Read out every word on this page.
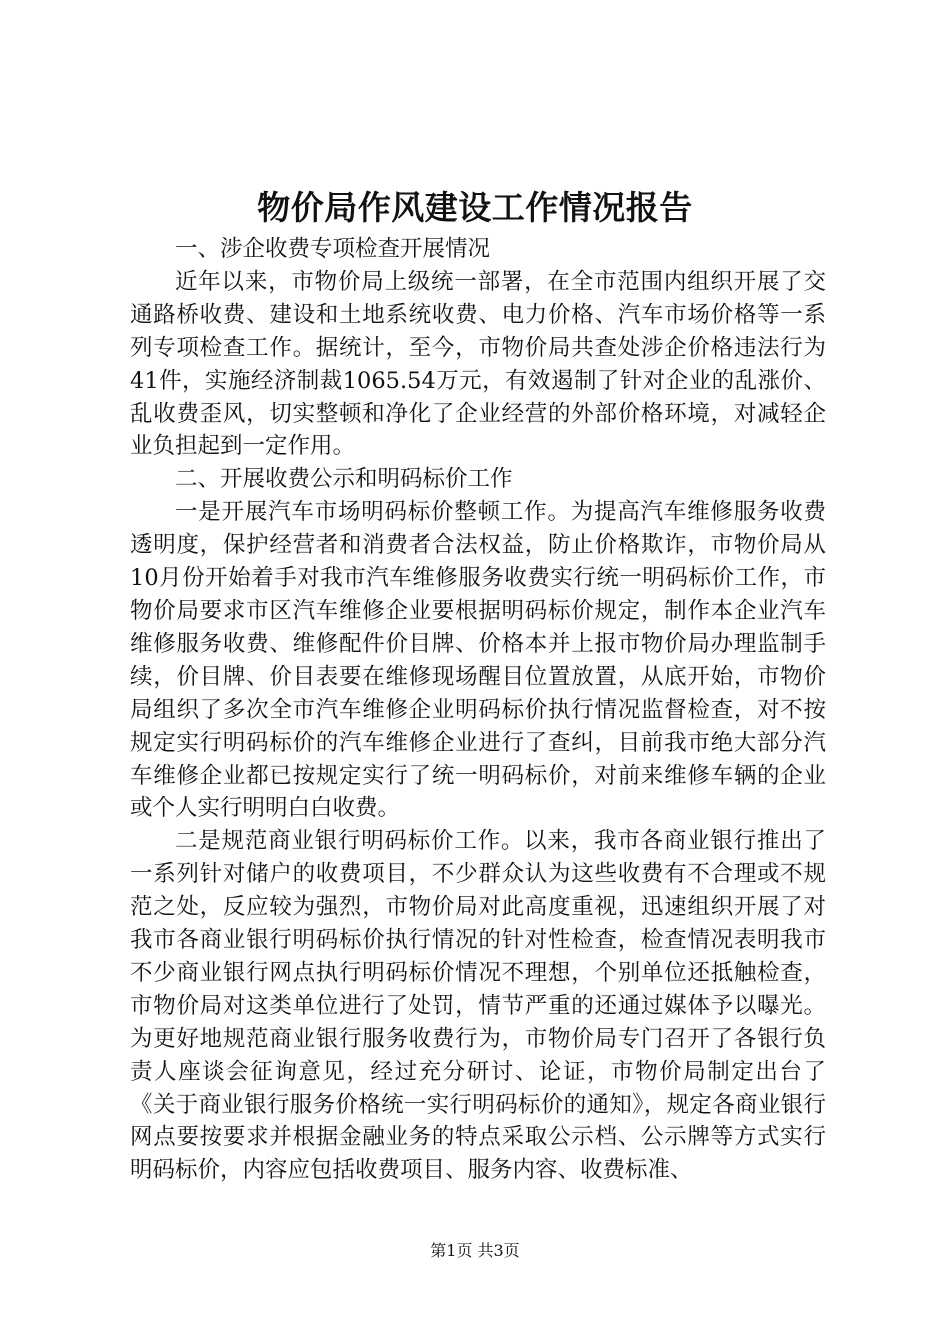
物价局作风建设工作情况报告

一、涉企收费专项检查开展情况

近年以来，市物价局上级统一部署，在全市范围内组织开展了交通路桥收费、建设和土地系统收费、电力价格、汽车市场价格等一系列专项检查工作。据统计，至今，市物价局共查处涉企价格违法行为41件，实施经济制裁1065.54万元，有效遏制了针对企业的乱涨价、乱收费歪风，切实整顿和净化了企业经营的外部价格环境，对减轻企业负担起到一定作用。

二、开展收费公示和明码标价工作

一是开展汽车市场明码标价整顿工作。为提高汽车维修服务收费透明度，保护经营者和消费者合法权益，防止价格欺诈，市物价局从10月份开始着手对我市汽车维修服务收费实行统一明码标价工作，市物价局要求市区汽车维修企业要根据明码标价规定，制作本企业汽车维修服务收费、维修配件价目牌、价格本并上报市物价局办理监制手续，价目牌、价目表要在维修现场醒目位置放置，从底开始，市物价局组织了多次全市汽车维修企业明码标价执行情况监督检查，对不按规定实行明码标价的汽车维修企业进行了查纠，目前我市绝大部分汽车维修企业都已按规定实行了统一明码标价，对前来维修车辆的企业或个人实行明明白白收费。

二是规范商业银行明码标价工作。以来，我市各商业银行推出了一系列针对储户的收费项目，不少群众认为这些收费有不合理或不规范之处，反应较为强烈，市物价局对此高度重视，迅速组织开展了对我市各商业银行明码标价执行情况的针对性检查，检查情况表明我市不少商业银行网点执行明码标价情况不理想，个别单位还抵触检查，市物价局对这类单位进行了处罚，情节严重的还通过媒体予以曝光。为更好地规范商业银行服务收费行为，市物价局专门召开了各银行负责人座谈会征询意见，经过充分研讨、论证，市物价局制定出台了《关于商业银行服务价格统一实行明码标价的通知》，规定各商业银行网点要按要求并根据金融业务的特点采取公示档、公示牌等方式实行明码标价，内容应包括收费项目、服务内容、收费标准、

第1页 共3页
